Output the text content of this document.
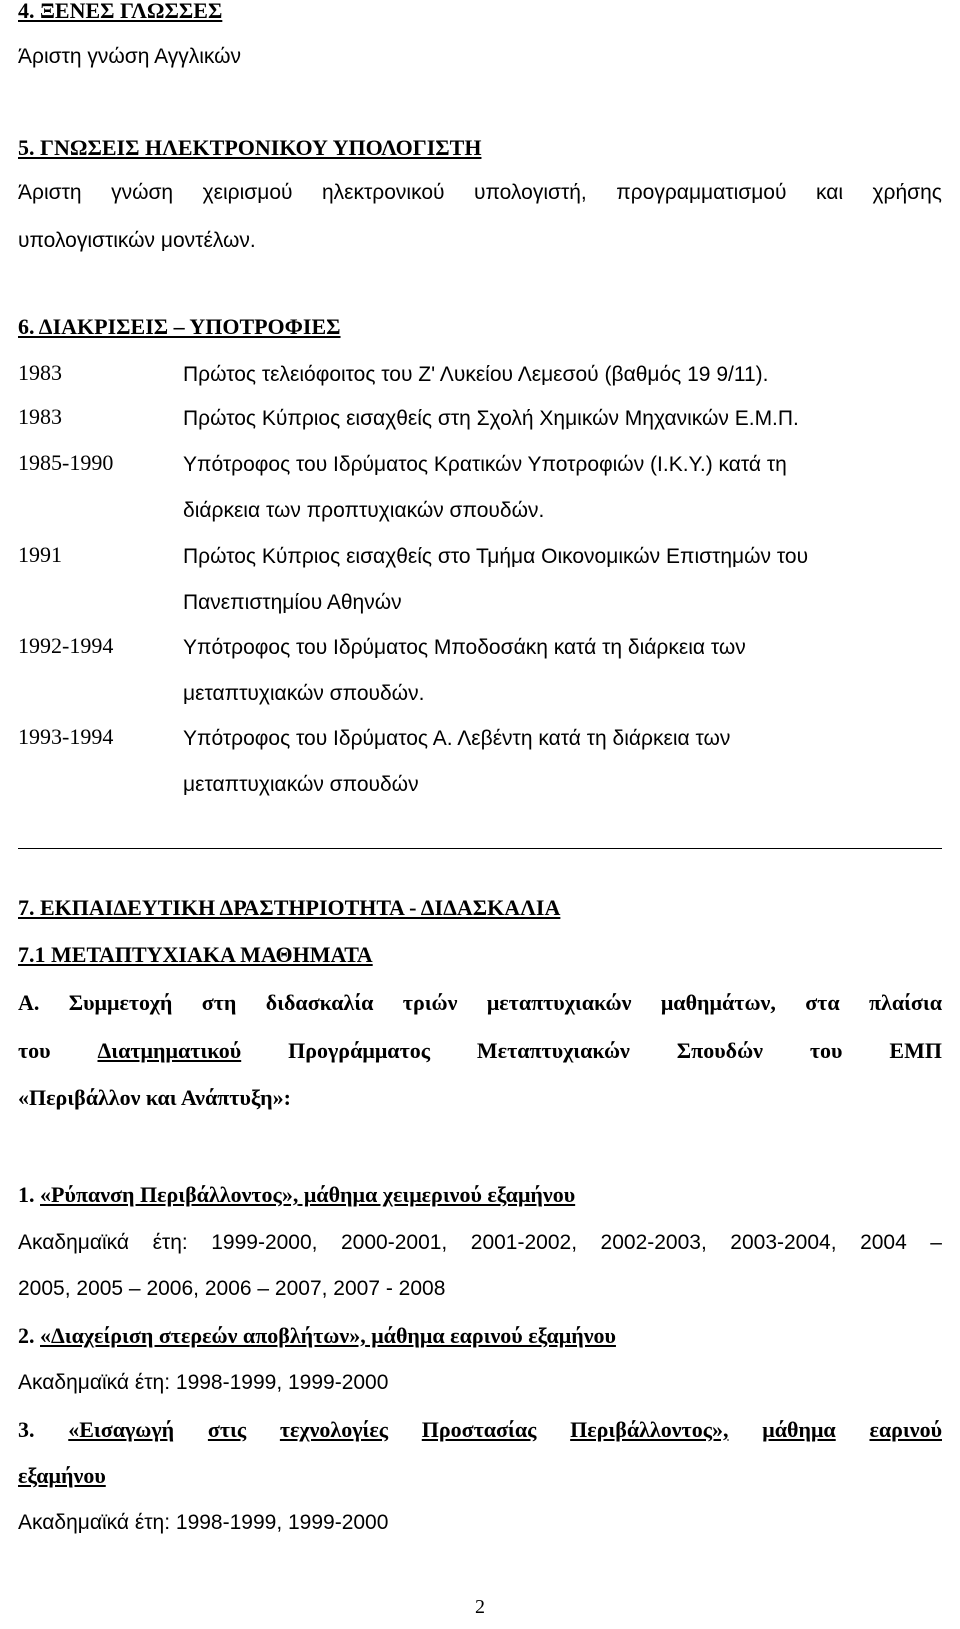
4. ΞΕΝΕΣ ΓΛΩΣΣΕΣ
Άριστη γνώση Αγγλικών
5. ΓΝΩΣΕΙΣ ΗΛΕΚΤΡΟΝΙΚΟΥ ΥΠΟΛΟΓΙΣΤΗ
Άριστη γνώση χειρισμού ηλεκτρονικού υπολογιστή, προγραμματισμού και χρήσης
υπολογιστικών μοντέλων.
6. ΔΙΑΚΡΙΣΕΙΣ – ΥΠΟΤΡΟΦΙΕΣ
1983	Πρώτος τελειόφοιτος του Ζ' Λυκείου Λεμεσού (βαθμός 19 9/11).
1983	Πρώτος Κύπριος εισαχθείς στη Σχολή Χημικών Μηχανικών Ε.Μ.Π.
1985-1990	Υπότροφος του Ιδρύματος Κρατικών Υποτροφιών (Ι.Κ.Υ.) κατά τη
διάρκεια των προπτυχιακών σπουδών.
1991	Πρώτος Κύπριος εισαχθείς στο Τμήμα Οικονομικών Επιστημών του
Πανεπιστημίου Αθηνών
1992-1994	Υπότροφος του Ιδρύματος Μποδοσάκη κατά τη διάρκεια των
μεταπτυχιακών σπουδών.
1993-1994	Υπότροφος του Ιδρύματος Α. Λεβέντη κατά τη διάρκεια των
μεταπτυχιακών σπουδών
7. ΕΚΠΑΙΔΕΥΤΙΚΗ ΔΡΑΣΤΗΡΙΟΤΗΤΑ - ΔΙΔΑΣΚΑΛΙΑ
7.1 ΜΕΤΑΠΤΥΧΙΑΚΑ ΜΑΘΗΜΑΤΑ
Α. Συμμετοχή στη διδασκαλία τριών μεταπτυχιακών μαθημάτων, στα πλαίσια
του Διατμηματικού Προγράμματος Μεταπτυχιακών Σπουδών του ΕΜΠ
«Περιβάλλον και Ανάπτυξη»:
1. «Ρύπανση Περιβάλλοντος», μάθημα χειμερινού εξαμήνου
Ακαδημαϊκά έτη: 1999-2000, 2000-2001, 2001-2002, 2002-2003, 2003-2004, 2004 –
2005, 2005 – 2006, 2006 – 2007, 2007 - 2008
2. «Διαχείριση στερεών αποβλήτων», μάθημα εαρινού εξαμήνου
Ακαδημαϊκά έτη: 1998-1999, 1999-2000
3. «Εισαγωγή στις τεχνολογίες Προστασίας Περιβάλλοντος», μάθημα εαρινού
εξαμήνου
Ακαδημαϊκά έτη: 1998-1999, 1999-2000
2
